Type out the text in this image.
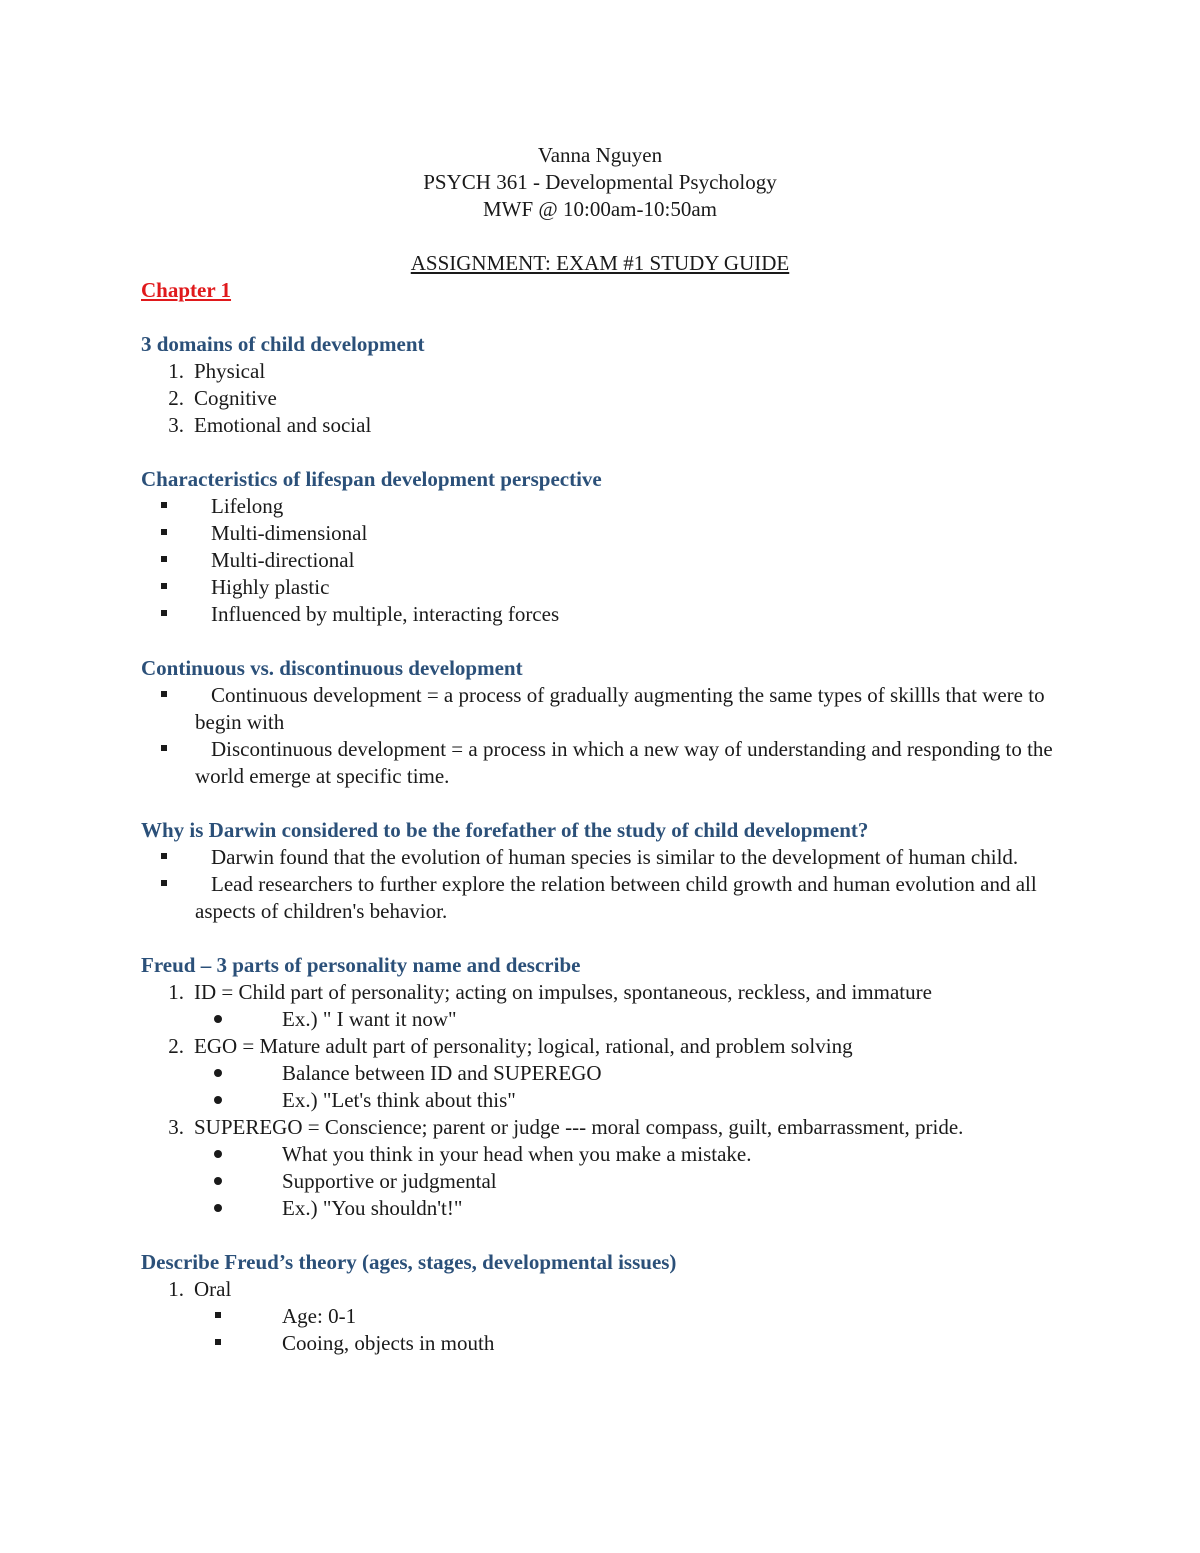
Vanna Nguyen
PSYCH 361 - Developmental Psychology
MWF @ 10:00am-10:50am
ASSIGNMENT: EXAM #1 STUDY GUIDE
Chapter 1
3 domains of child development
1. Physical
2. Cognitive
3. Emotional and social
Characteristics of lifespan development perspective
Lifelong
Multi-dimensional
Multi-directional
Highly plastic
Influenced by multiple, interacting forces
Continuous vs. discontinuous development
Continuous development = a process of gradually augmenting the same types of skillls that were to begin with
Discontinuous development = a process in which a new way of understanding and responding to the world emerge at specific time.
Why is Darwin considered to be the forefather of the study of child development?
Darwin found that the evolution of human species is similar to the development of human child.
Lead researchers to further explore the relation between child growth and human evolution and all aspects of children's behavior.
Freud – 3 parts of personality name and describe
1. ID = Child part of personality; acting on impulses, spontaneous, reckless, and immature
Ex.) " I want it now"
2. EGO = Mature adult part of personality; logical, rational, and problem solving
Balance between ID and SUPEREGO
Ex.) "Let's think about this"
3. SUPEREGO = Conscience; parent or judge --- moral compass, guilt, embarrassment, pride.
What you think in your head when you make a mistake.
Supportive or judgmental
Ex.) "You shouldn't!"
Describe Freud’s theory (ages, stages, developmental issues)
1. Oral
Age: 0-1
Cooing, objects in mouth
